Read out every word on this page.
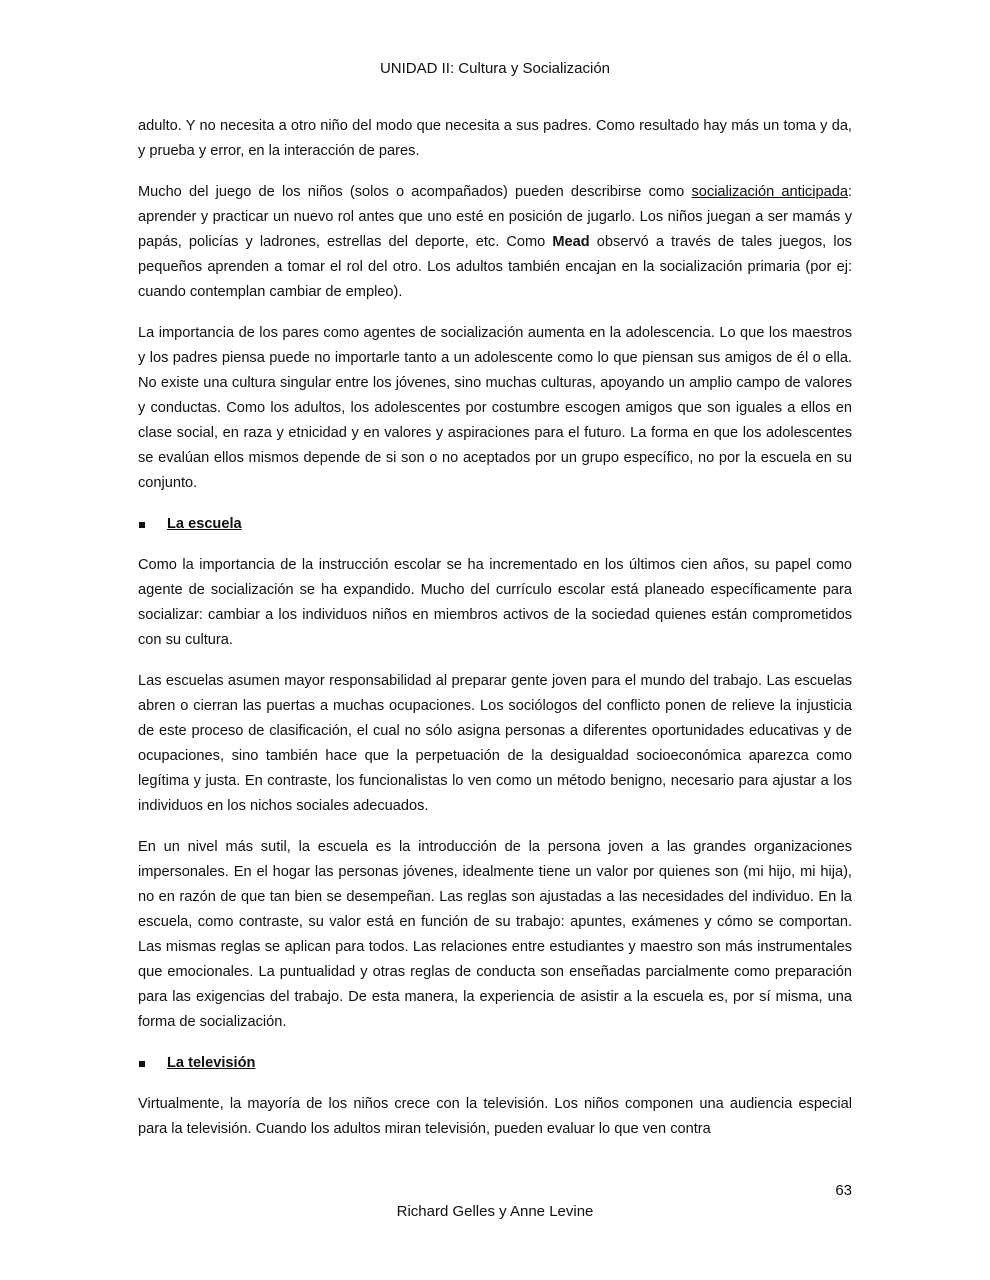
UNIDAD II: Cultura y Socialización

adulto. Y no necesita a otro niño del modo que necesita a sus padres. Como resultado hay más un toma y da, y prueba y error, en la interacción de pares.

Mucho del juego de los niños (solos o acompañados) pueden describirse como socialización anticipada: aprender y practicar un nuevo rol antes que uno esté en posición de jugarlo. Los niños juegan a ser mamás y papás, policías y ladrones, estrellas del deporte, etc. Como Mead observó a través de tales juegos, los pequeños aprenden a tomar el rol del otro. Los adultos también encajan en la socialización primaria (por ej: cuando contemplan cambiar de empleo).

La importancia de los pares como agentes de socialización aumenta en la adolescencia. Lo que los maestros y los padres piensa puede no importarle tanto a un adolescente como lo que piensan sus amigos de él o ella. No existe una cultura singular entre los jóvenes, sino muchas culturas, apoyando un amplio campo de valores y conductas. Como los adultos, los adolescentes por costumbre escogen amigos que son iguales a ellos en clase social, en raza y etnicidad y en valores y aspiraciones para el futuro. La forma en que los adolescentes se evalúan ellos mismos depende de si son o no aceptados por un grupo específico, no por la escuela en su conjunto.

La escuela

Como la importancia de la instrucción escolar se ha incrementado en los últimos cien años, su papel como agente de socialización se ha expandido. Mucho del currículo escolar está planeado específicamente para socializar: cambiar a los individuos niños en miembros activos de la sociedad quienes están comprometidos con su cultura.

Las escuelas asumen mayor responsabilidad al preparar gente joven para el mundo del trabajo. Las escuelas abren o cierran las puertas a muchas ocupaciones. Los sociólogos del conflicto ponen de relieve la injusticia de este proceso de clasificación, el cual no sólo asigna personas a diferentes oportunidades educativas y de ocupaciones, sino también hace que la perpetuación de la desigualdad socioeconómica aparezca como legítima y justa. En contraste, los funcionalistas lo ven como un método benigno, necesario para ajustar a los individuos en los nichos sociales adecuados.

En un nivel más sutil, la escuela es la introducción de la persona joven a las grandes organizaciones impersonales. En el hogar las personas jóvenes, idealmente tiene un valor por quienes son (mi hijo, mi hija), no en razón de que tan bien se desempeñan. Las reglas son ajustadas a las necesidades del individuo. En la escuela, como contraste, su valor está en función de su trabajo: apuntes, exámenes y cómo se comportan. Las mismas reglas se aplican para todos. Las relaciones entre estudiantes y maestro son más instrumentales que emocionales. La puntualidad y otras reglas de conducta son enseñadas parcialmente como preparación para las exigencias del trabajo. De esta manera, la experiencia de asistir a la escuela es, por sí misma, una forma de socialización.

La televisión

Virtualmente, la mayoría de los niños crece con la televisión. Los niños componen una audiencia especial para la televisión. Cuando los adultos miran televisión, pueden evaluar lo que ven contra

63
Richard Gelles y Anne Levine
